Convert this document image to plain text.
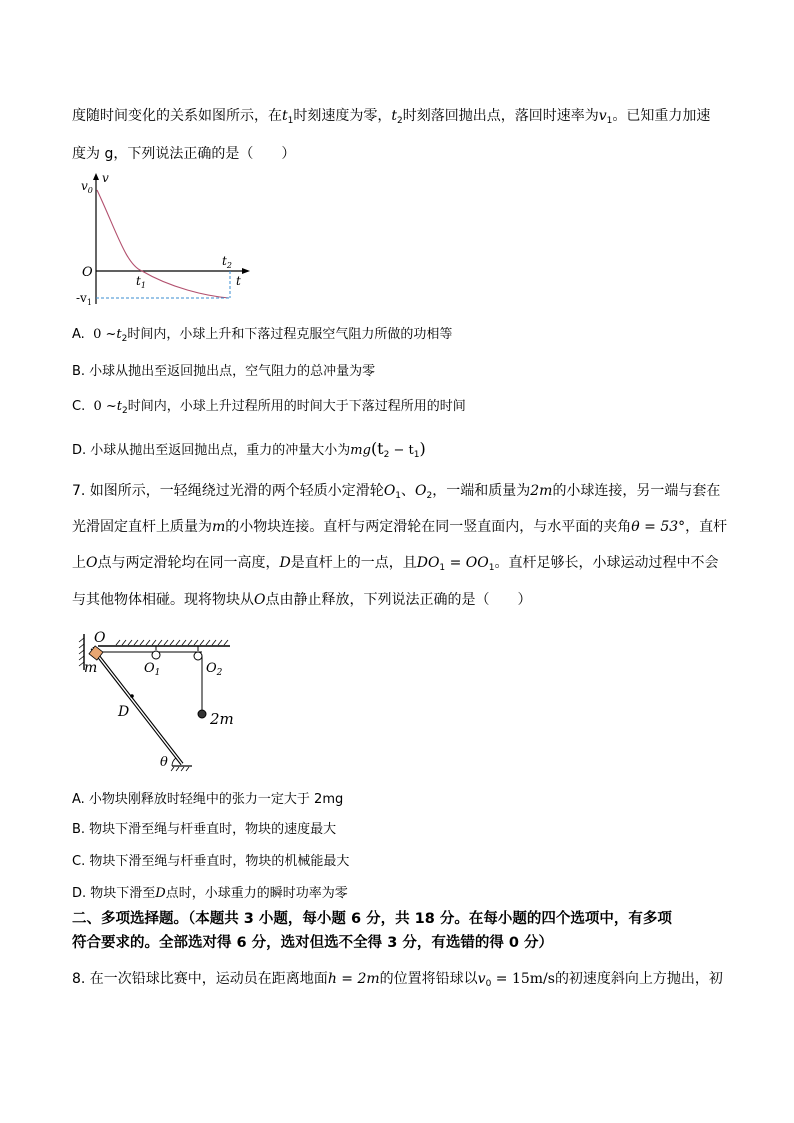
度随时间变化的关系如图所示，在$t_1$时刻速度为零，$t_2$时刻落回抛出点，落回时速率为$v_1$。已知重力加速
度为 g，下列说法正确的是（　　）
$v_0$
v
O
$t_1$
$t_2$
t
$-v_1$
A. 0 $\sim t_2$时间内，小球上升和下落过程克服空气阻力所做的功相等
B. 小球从抛出至返回抛出点，空气阻力的总冲量为零
C. 0 $\sim t_2$时间内，小球上升过程所用的时间大于下落过程所用的时间
D. 小球从抛出至返回抛出点，重力的冲量大小为$mg(t_2 - t_1)$
7. 如图所示，一轻绳绕过光滑的两个轻质小定滑轮$O_1$、$O_2$，一端和质量为2m的小球连接，另一端与套在
光滑固定直杆上质量为m的小物块连接。直杆与两定滑轮在同一竖直面内，与水平面的夹角θ = 53°，直杆
上O点与两定滑轮均在同一高度，D是直杆上的一点，且$DO_1 = OO_1$。直杆足够长，小球运动过程中不会
与其他物体相碰。现将物块从O点由静止释放，下列说法正确的是（　　）
O
m	$O_1$	$O_2$
D	2m
θ
A. 小物块刚释放时轻绳中的张力一定大于 2mg
B. 物块下滑至绳与杆垂直时，物块的速度最大
C. 物块下滑至绳与杆垂直时，物块的机械能最大
D. 物块下滑至D点时，小球重力的瞬时功率为零
二、多项选择题。（本题共 3 小题，每小题 6 分，共 18 分。在每小题的四个选项中，有多项
符合要求的。全部选对得 6 分，选对但选不全得 3 分，有选错的得 0 分）
8. 在一次铅球比赛中，运动员在距离地面h = 2m的位置将铅球以$v_0 = 15m/s$的初速度斜向上方抛出，初
